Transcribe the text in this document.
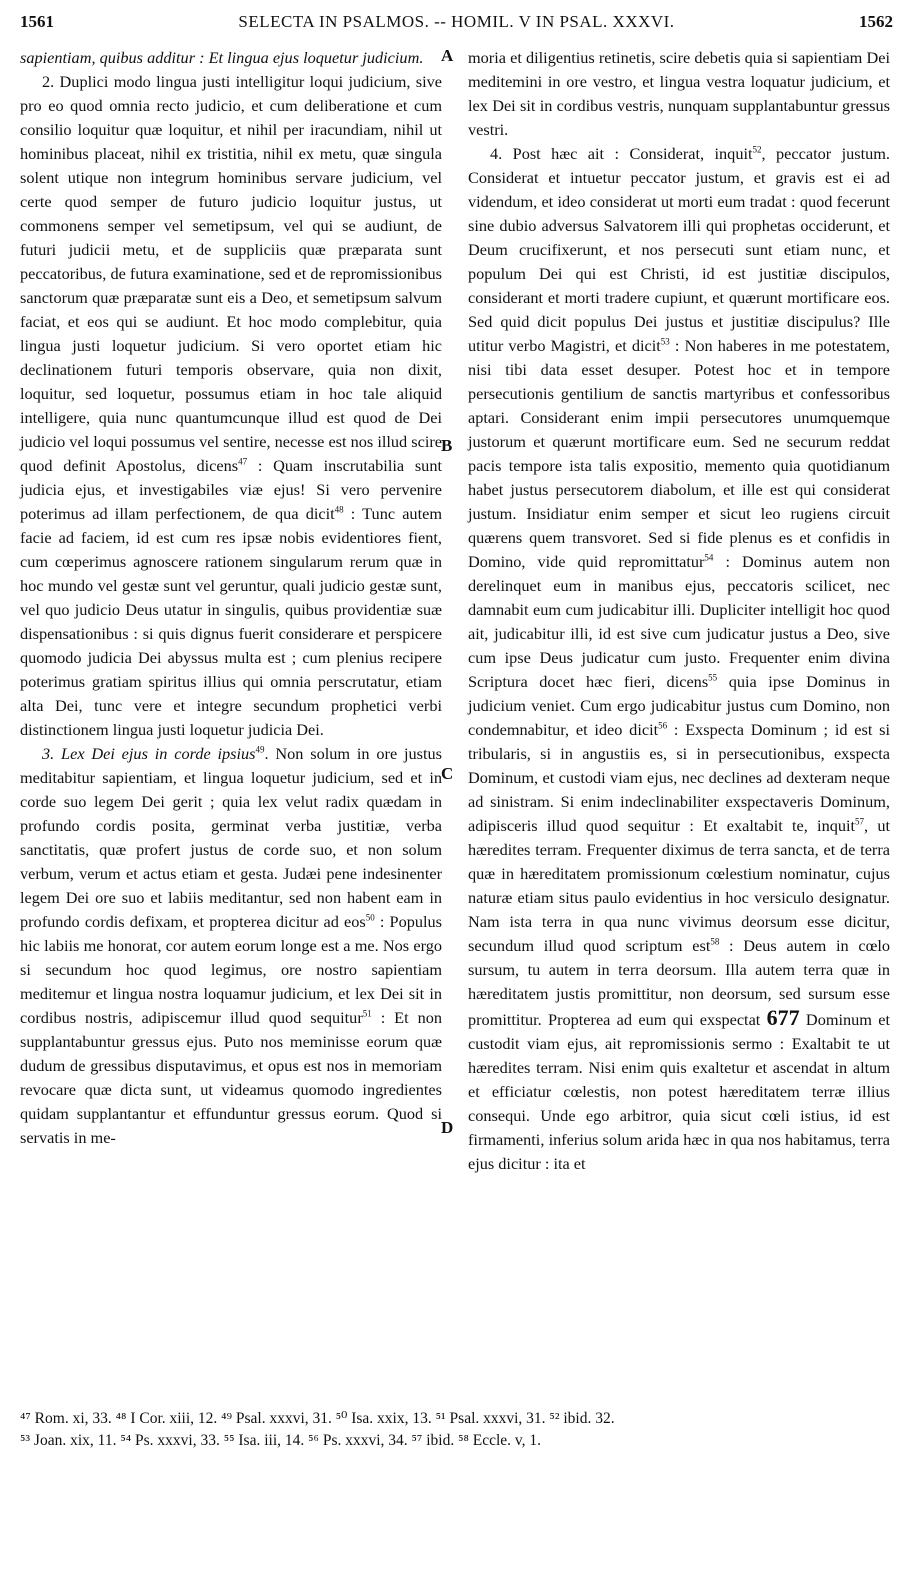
1561	SELECTA IN PSALMOS. -- HOMIL. V IN PSAL. XXXVI.	1562

sapientiam, quibus additur : Et lingua ejus loquetur judicium.

2. Duplici modo lingua justi intelligitur loqui judicium, sive pro eo quod omnia recto judicio, et cum deliberatione et cum consilio loquitur quæ loquitur, et nihil per iracundiam, nihil ut hominibus placeat, nihil ex tristitia, nihil ex metu, quæ singula solent utique non integrum hominibus servare judicium, vel certe quod semper de futuro judicio loquitur justus, ut commonens semper vel semetipsum, vel qui se audiunt, de futuri judicii metu, et de suppliciis quæ præparata sunt peccatoribus, de futura examinatione, sed et de repromissionibus sanctorum quæ præparatæ sunt eis a Deo, et semetipsum salvum faciat, et eos qui se audiunt. Et hoc modo complebitur, quia lingua justi loquetur judicium. Si vero oportet etiam hic declinationem futuri temporis observare, quia non dixit, loquitur, sed loquetur, possumus etiam in hoc tale aliquid intelligere, quia nunc quantumcunque illud est quod de Dei judicio vel loqui possumus vel sentire, necesse est nos illud scire quod definit Apostolus, dicens$^{47}$ : Quam inscrutabilia sunt judicia ejus, et investigabiles viæ ejus! Si vero pervenire poterimus ad illam perfectionem, de qua dicit$^{48}$ : Tunc autem facie ad faciem, id est cum res ipsæ nobis evidentiores fient, cum cœperimus agnoscere rationem singularum rerum quæ in hoc mundo vel gestæ sunt vel geruntur, quali judicio gestæ sunt, vel quo judicio Deus utatur in singulis, quibus providentiæ suæ dispensationibus : si quis dignus fuerit considerare et perspicere quomodo judicia Dei abyssus multa est ; cum plenius recipere poterimus gratiam spiritus illius qui omnia perscrutatur, etiam alta Dei, tunc vere et integre secundum prophetici verbi distinctionem lingua justi loquetur judicia Dei.

3. Lex Dei ejus in corde ipsius$^{49}$. Non solum in ore justus meditabitur sapientiam, et lingua loquetur judicium, sed et in corde suo legem Dei gerit ; quia lex velut radix quædam in profundo cordis posita, germinat verba justitiæ, verba sanctitatis, quæ profert justus de corde suo, et non solum verbum, verum et actus etiam et gesta. Judæi pene indesinenter legem Dei ore suo et labiis meditantur, sed non habent eam in profundo cordis defixam, et propterea dicitur ad eos$^{50}$ : Populus hic labiis me honorat, cor autem eorum longe est a me. Nos ergo si secundum hoc quod legimus, ore nostro sapientiam meditemur et lingua nostra loquamur judicium, et lex Dei sit in cordibus nostris, adipiscemur illud quod sequitur$^{51}$ : Et non supplantabuntur gressus ejus. Puto nos meminisse eorum quæ dudum de gressibus disputavimus, et opus est nos in memoriam revocare quæ dicta sunt, ut videamus quomodo ingredientes quidam supplantantur et effunduntur gressus eorum. Quod si servatis in me-

A
B
C
D

moria et diligentius retinetis, scire debetis quia si sapientiam Dei meditemini in ore vestro, et lingua vestra loquatur judicium, et lex Dei sit in cordibus vestris, nunquam supplantabuntur gressus vestri.

4. Post hæc ait : Considerat, inquit$^{52}$, peccator justum. Considerat et intuetur peccator justum, et gravis est ei ad videndum, et ideo considerat ut morti eum tradat : quod fecerunt sine dubio adversus Salvatorem illi qui prophetas occiderunt, et Deum crucifixerunt, et nos persecuti sunt etiam nunc, et populum Dei qui est Christi, id est justitiæ discipulos, considerant et morti tradere cupiunt, et quærunt mortificare eos. Sed quid dicit populus Dei justus et justitiæ discipulus? Ille utitur verbo Magistri, et dicit$^{53}$ : Non haberes in me potestatem, nisi tibi data esset desuper. Potest hoc et in tempore persecutionis gentilium de sanctis martyribus et confessoribus aptari. Considerant enim impii persecutores unumquemque justorum et quærunt mortificare eum. Sed ne securum reddat pacis tempore ista talis expositio, memento quia quotidianum habet justus persecutorem diabolum, et ille est qui considerat justum. Insidiatur enim semper et sicut leo rugiens circuit quærens quem transvoret. Sed si fide plenus es et confidis in Domino, vide quid repromittatur$^{54}$ : Dominus autem non derelinquet eum in manibus ejus, peccatoris scilicet, nec damnabit eum cum judicabitur illi. Dupliciter intelligit hoc quod ait, judicabitur illi, id est sive cum judicatur justus a Deo, sive cum ipse Deus judicatur cum justo. Frequenter enim divina Scriptura docet hæc fieri, dicens$^{55}$ quia ipse Dominus in judicium veniet. Cum ergo judicabitur justus cum Domino, non condemnabitur, et ideo dicit$^{56}$ : Exspecta Dominum ; id est si tribularis, si in angustiis es, si in persecutionibus, exspecta Dominum, et custodi viam ejus, nec declines ad dexteram neque ad sinistram. Si enim indeclinabiliter exspectaveris Dominum, adipisceris illud quod sequitur : Et exaltabit te, inquit$^{57}$, ut hæredites terram. Frequenter diximus de terra sancta, et de terra quæ in hæreditatem promissionum cœlestium nominatur, cujus naturæ etiam situs paulo evidentius in hoc versiculo designatur. Nam ista terra in qua nunc vivimus deorsum esse dicitur, secundum illud quod scriptum est$^{58}$ : Deus autem in cœlo sursum, tu autem in terra deorsum. Illa autem terra quæ in hæreditatem justis promittitur, non deorsum, sed sursum esse promittitur. Propterea ad eum qui exspectat 677 Dominum et custodit viam ejus, ait repromissionis sermo : Exaltabit te ut hæredites terram. Nisi enim quis exaltetur et ascendat in altum et efficiatur cœlestis, non potest hæreditatem terræ illius consequi. Unde ego arbitror, quia sicut cœli istius, id est firmamenti, inferius solum arida hæc in qua nos habitamus, terra ejus dicitur : ita et

⁴⁷ Rom. xi, 33. ⁴⁸ I Cor. xiii, 12. ⁴⁹ Psal. xxxvi, 31. ⁵⁰ Isa. xxix, 13. ⁵¹ Psal. xxxvi, 31. ⁵² ibid. 32.
⁵³ Joan. xix, 11. ⁵⁴ Ps. xxxvi, 33. ⁵⁵ Isa. iii, 14. ⁵⁶ Ps. xxxvi, 34. ⁵⁷ ibid. ⁵⁸ Eccle. v, 1.
